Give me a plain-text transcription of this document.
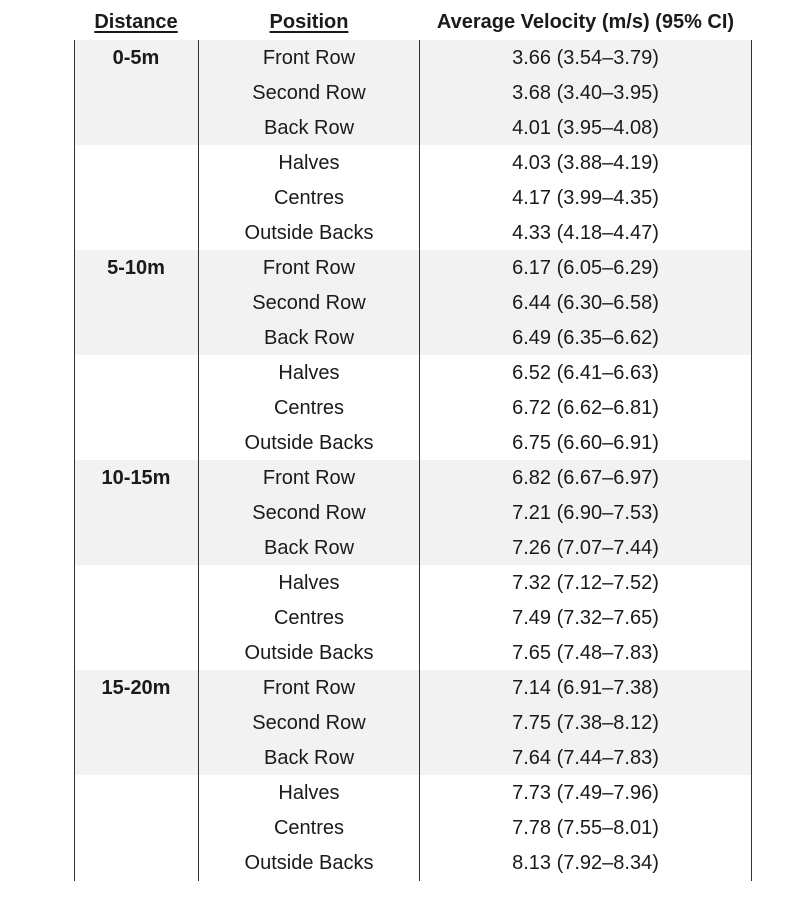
Distance	Position	Average Velocity (m/s) (95% CI)
0-5m	Front Row	3.66 (3.54–3.79)
Second Row	3.68 (3.40–3.95)
Back Row	4.01 (3.95–4.08)
Halves	4.03 (3.88–4.19)
Centres	4.17 (3.99–4.35)
Outside Backs	4.33 (4.18–4.47)
5-10m	Front Row	6.17 (6.05–6.29)
Second Row	6.44 (6.30–6.58)
Back Row	6.49 (6.35–6.62)
Halves	6.52 (6.41–6.63)
Centres	6.72 (6.62–6.81)
Outside Backs	6.75 (6.60–6.91)
10-15m	Front Row	6.82 (6.67–6.97)
Second Row	7.21 (6.90–7.53)
Back Row	7.26 (7.07–7.44)
Halves	7.32 (7.12–7.52)
Centres	7.49 (7.32–7.65)
Outside Backs	7.65 (7.48–7.83)
15-20m	Front Row	7.14 (6.91–7.38)
Second Row	7.75 (7.38–8.12)
Back Row	7.64 (7.44–7.83)
Halves	7.73 (7.49–7.96)
Centres	7.78 (7.55–8.01)
Outside Backs	8.13 (7.92–8.34)
